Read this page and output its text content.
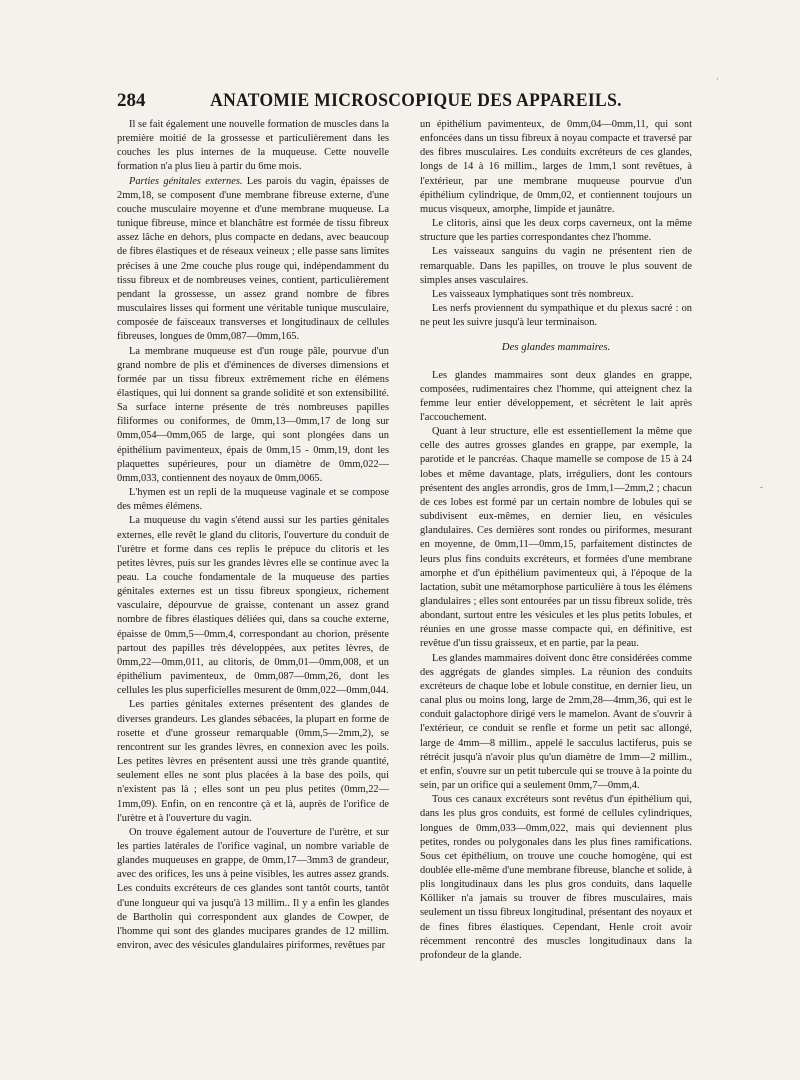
284	ANATOMIE MICROSCOPIQUE DES APPAREILS.

Il se fait également une nouvelle formation de muscles dans la première moitié de la grossesse et particulièrement dans les couches les plus internes de la muqueuse. Cette nouvelle formation n'a plus lieu à partir du 6me mois.

Parties génitales externes. Les parois du vagin, épaisses de 2mm,18, se composent d'une membrane fibreuse externe, d'une couche musculaire moyenne et d'une membrane muqueuse. La tunique fibreuse, mince et blanchâtre est formée de tissu fibreux assez lâche en dehors, plus compacte en dedans, avec beaucoup de fibres élastiques et de réseaux veineux ; elle passe sans limites précises à une 2me couche plus rouge qui, indépendamment du tissu fibreux et de nombreuses veines, contient, particulièrement pendant la grossesse, un assez grand nombre de fibres musculaires lisses qui forment une véritable tunique musculaire, composée de faisceaux transverses et longitudinaux de cellules fibreuses, longues de 0mm,087—0mm,165.

La membrane muqueuse est d'un rouge pâle, pourvue d'un grand nombre de plis et d'éminences de diverses dimensions et formée par un tissu fibreux extrêmement riche en élémens élastiques, qui lui donnent sa grande solidité et son extensibilité. Sa surface interne présente de très nombreuses papilles filiformes ou coniformes, de 0mm,13—0mm,17 de long sur 0mm,054—0mm,065 de large, qui sont plongées dans un épithélium pavimenteux, épais de 0mm,15 - 0mm,19, dont les plaquettes supérieures, pour un diamètre de 0mm,022—0mm,033, contiennent des noyaux de 0mm,0065.

L'hymen est un repli de la muqueuse vaginale et se compose des mêmes élémens.

La muqueuse du vagin s'étend aussi sur les parties génitales externes, elle revêt le gland du clitoris, l'ouverture du conduit de l'urètre et forme dans ces replis le prépuce du clitoris et les petites lèvres, puis sur les grandes lèvres elle se continue avec la peau. La couche fondamentale de la muqueuse des parties génitales externes est un tissu fibreux spongieux, richement vasculaire, dépourvue de graisse, contenant un assez grand nombre de fibres élastiques déliées qui, dans sa couche externe, épaisse de 0mm,5—0mm,4, correspondant au chorion, présente partout des papilles très développées, aux petites lèvres, de 0mm,22—0mm,011, au clitoris, de 0mm,01—0mm,008, et un épithélium pavimenteux, de 0mm,087—0mm,26, dont les cellules les plus superficielles mesurent de 0mm,022—0mm,044.

Les parties génitales externes présentent des glandes de diverses grandeurs. Les glandes sébacées, la plupart en forme de rosette et d'une grosseur remarquable (0mm,5—2mm,2), se rencontrent sur les grandes lèvres, en connexion avec les poils. Les petites lèvres en présentent aussi une très grande quantité, seulement elles ne sont plus placées à la base des poils, qui n'existent pas là ; elles sont un peu plus petites (0mm,22—1mm,09). Enfin, on en rencontre çà et là, auprès de l'orifice de l'urètre et à l'ouverture du vagin.

On trouve également autour de l'ouverture de l'urètre, et sur les parties latérales de l'orifice vaginal, un nombre variable de glandes muqueuses en grappe, de 0mm,17—3mm3 de grandeur, avec des orifices, les uns à peine visibles, les autres assez grands. Les conduits excréteurs de ces glandes sont tantôt courts, tantôt d'une longueur qui va jusqu'à 13 millim.. Il y a enfin les glandes de Bartholin qui correspondent aux glandes de Cowper, de l'homme qui sont des glandes mucipares grandes de 12 millim. environ, avec des vésicules glandulaires piriformes, revêtues par

un épithélium pavimenteux, de 0mm,04—0mm,11, qui sont enfoncées dans un tissu fibreux à noyau compacte et traversé par des fibres musculaires. Les conduits excréteurs de ces glandes, longs de 14 à 16 millim., larges de 1mm,1 sont revêtues, à l'extérieur, par une membrane muqueuse pourvue d'un épithélium cylindrique, de 0mm,02, et contiennent toujours un mucus visqueux, amorphe, limpide et jaunâtre.

Le clitoris, ainsi que les deux corps caverneux, ont la même structure que les parties correspondantes chez l'homme.

Les vaisseaux sanguins du vagin ne présentent rien de remarquable. Dans les papilles, on trouve le plus souvent de simples anses vasculaires.

Les vaisseaux lymphatiques sont très nombreux.

Les nerfs proviennent du sympathique et du plexus sacré : on ne peut les suivre jusqu'à leur terminaison.

Des glandes mammaires.

Les glandes mammaires sont deux glandes en grappe, composées, rudimentaires chez l'homme, qui atteignent chez la femme leur entier développement, et sécrètent le lait après l'accouchement.

Quant à leur structure, elle est essentiellement la même que celle des autres grosses glandes en grappe, par exemple, la parotide et le pancréas. Chaque mamelle se compose de 15 à 24 lobes et même davantage, plats, irréguliers, dont les contours présentent des angles arrondis, gros de 1mm,1—2mm,2 ; chacun de ces lobes est formé par un certain nombre de lobules qui se subdivisent eux-mêmes, en dernier lieu, en vésicules glandulaires. Ces dernières sont rondes ou piriformes, mesurant en moyenne, de 0mm,11—0mm,15, parfaitement distinctes de leurs plus fins conduits excréteurs, et formées d'une membrane amorphe et d'un épithélium pavimenteux qui, à l'époque de la lactation, subit une métamorphose particulière à tous les élémens glandulaires ; elles sont entourées par un tissu fibreux solide, très abondant, surtout entre les vésicules et les plus petits lobules, et réunies en une grosse masse compacte qui, en définitive, est revêtue d'un tissu graisseux, et en partie, par la peau.

Les glandes mammaires doivent donc être considérées comme des aggrégats de glandes simples. La réunion des conduits excréteurs de chaque lobe et lobule constitue, en dernier lieu, un canal plus ou moins long, large de 2mm,28—4mm,36, qui est le conduit galactophore dirigé vers le mamelon. Avant de s'ouvrir à l'extérieur, ce conduit se renfle et forme un petit sac allongé, large de 4mm—8 millim., appelé le sacculus lactiferus, puis se rétrécit jusqu'à n'avoir plus qu'un diamètre de 1mm—2 millim., et enfin, s'ouvre sur un petit tubercule qui se trouve à la pointe du sein, par un orifice qui a seulement 0mm,7—0mm,4.

Tous ces canaux excréteurs sont revêtus d'un épithélium qui, dans les plus gros conduits, est formé de cellules cylindriques, longues de 0mm,033—0mm,022, mais qui deviennent plus petites, rondes ou polygonales dans les plus fines ramifications. Sous cet épithélium, on trouve une couche homogène, qui est doublée elle-même d'une membrane fibreuse, blanche et solide, à plis longitudinaux dans les plus gros conduits, dans laquelle Kölliker n'a jamais su trouver de fibres musculaires, mais seulement un tissu fibreux longitudinal, présentant des noyaux et de fines fibres élastiques. Cependant, Henle croit avoir récemment rencontré des muscles longitudinaux dans la profondeur de la glande.

·
-
